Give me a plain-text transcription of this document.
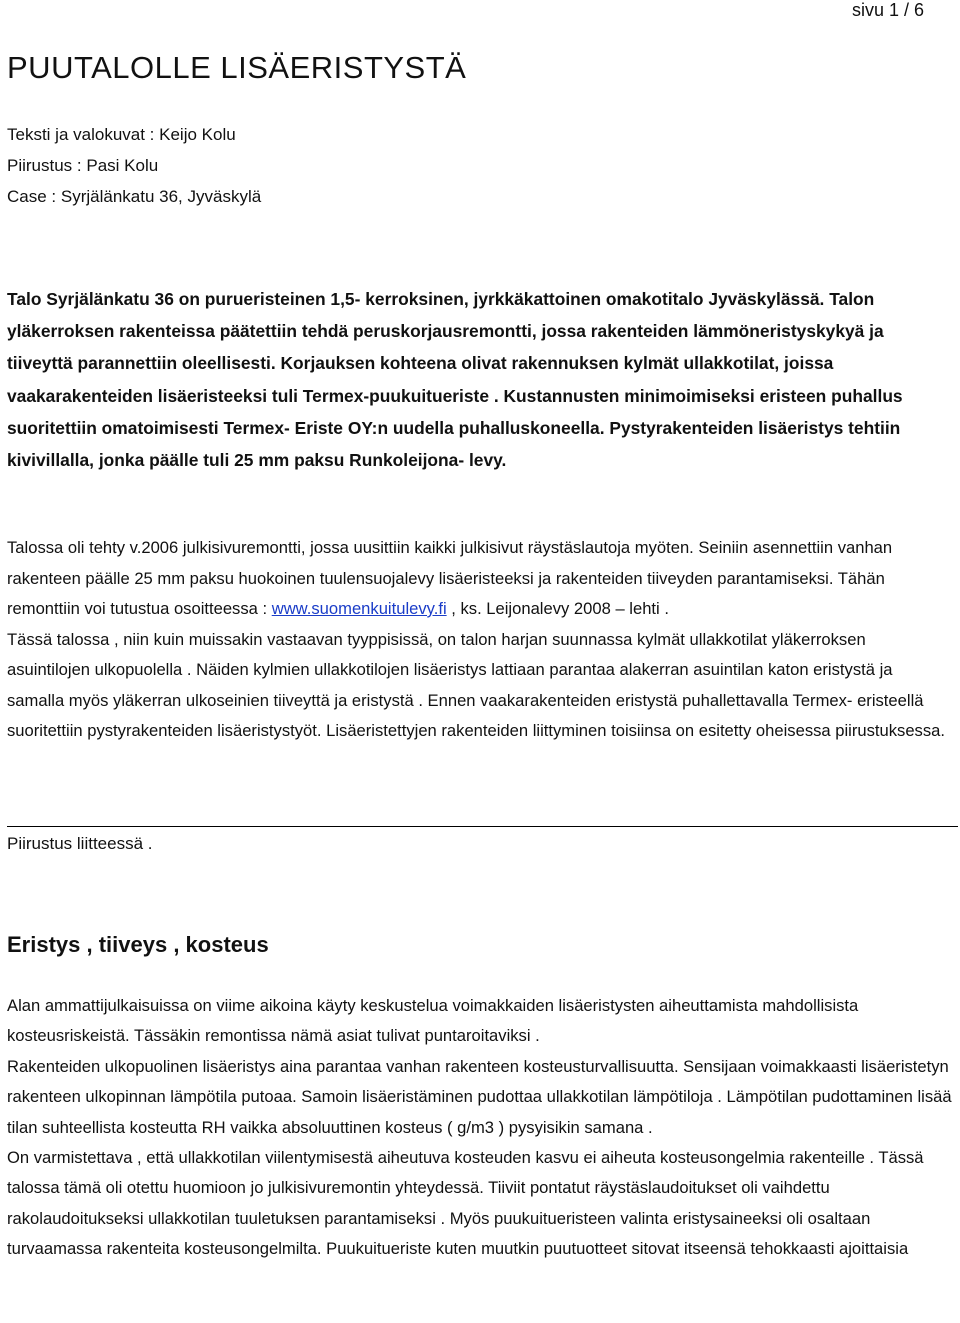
sivu 1 / 6
PUUTALOLLE LISÄERISTYSTÄ
Teksti ja valokuvat : Keijo Kolu
Piirustus : Pasi Kolu
Case : Syrjälänkatu 36, Jyväskylä

Talo Syrjälänkatu 36 on purueristeinen 1,5- kerroksinen, jyrkkäkattoinen omakotitalo Jyväskylässä. Talon yläkerroksen rakenteissa päätettiin tehdä peruskorjausremontti, jossa rakenteiden lämmöneristyskykyä ja tiiveyttä parannettiin oleellisesti. Korjauksen kohteena olivat rakennuksen kylmät ullakkotilat, joissa vaakarakenteiden lisäeristeeksi tuli Termex-puukuitueriste . Kustannusten minimoimiseksi eristeen puhallus suoritettiin omatoimisesti Termex- Eriste OY:n uudella puhalluskoneella. Pystyrakenteiden lisäeristys tehtiin kivivillalla, jonka päälle tuli 25 mm paksu Runkoleijona- levy.

Talossa oli tehty v.2006 julkisivuremontti, jossa uusittiin kaikki julkisivut räystäslautoja myöten. Seiniin asennettiin vanhan rakenteen päälle 25 mm paksu huokoinen tuulensuojalevy lisäeristeeksi ja rakenteiden tiiveyden parantamiseksi. Tähän remonttiin voi tutustua osoitteessa : www.suomenkuitulevy.fi , ks. Leijonalevy 2008 – lehti .

Tässä talossa , niin kuin muissakin vastaavan tyyppisissä, on talon harjan suunnassa kylmät ullakkotilat yläkerroksen asuintilojen ulkopuolella . Näiden kylmien ullakkotilojen lisäeristys lattiaan parantaa alakerran asuintilan katon eristystä ja samalla myös yläkerran ulkoseinien tiiveyttä ja eristystä . Ennen vaakarakenteiden eristystä puhallettavalla Termex- eristeellä suoritettiin pystyrakenteiden lisäeristystyöt. Lisäeristettyjen rakenteiden liittyminen toisiinsa on esitetty oheisessa piirustuksessa.

Piirustus liitteessä .

Eristys , tiiveys , kosteus

Alan ammattijulkaisuissa on viime aikoina käyty keskustelua voimakkaiden lisäeristysten aiheuttamista mahdollisista kosteusriskeistä. Tässäkin remontissa nämä asiat tulivat puntaroitaviksi .

Rakenteiden ulkopuolinen lisäeristys aina parantaa vanhan rakenteen kosteusturvallisuutta. Sensijaan voimakkaasti lisäeristetyn rakenteen ulkopinnan lämpötila putoaa. Samoin lisäeristäminen pudottaa ullakkotilan lämpötiloja . Lämpötilan pudottaminen lisää tilan suhteellista kosteutta RH vaikka absoluuttinen kosteus ( g/m3 ) pysyisikin samana .

On varmistettava , että ullakkotilan viilentymisestä aiheutuva kosteuden kasvu ei aiheuta kosteusongelmia rakenteille . Tässä talossa tämä oli otettu huomioon jo julkisivuremontin yhteydessä. Tiiviit pontatut räystäslaudoitukset oli vaihdettu rakolaudoitukseksi ullakkotilan tuuletuksen parantamiseksi . Myös puukuitueristeen valinta eristysaineeksi oli osaltaan turvaamassa rakenteita kosteusongelmilta. Puukuitueriste kuten muutkin puutuotteet sitovat itseensä tehokkaasti ajoittaisia
